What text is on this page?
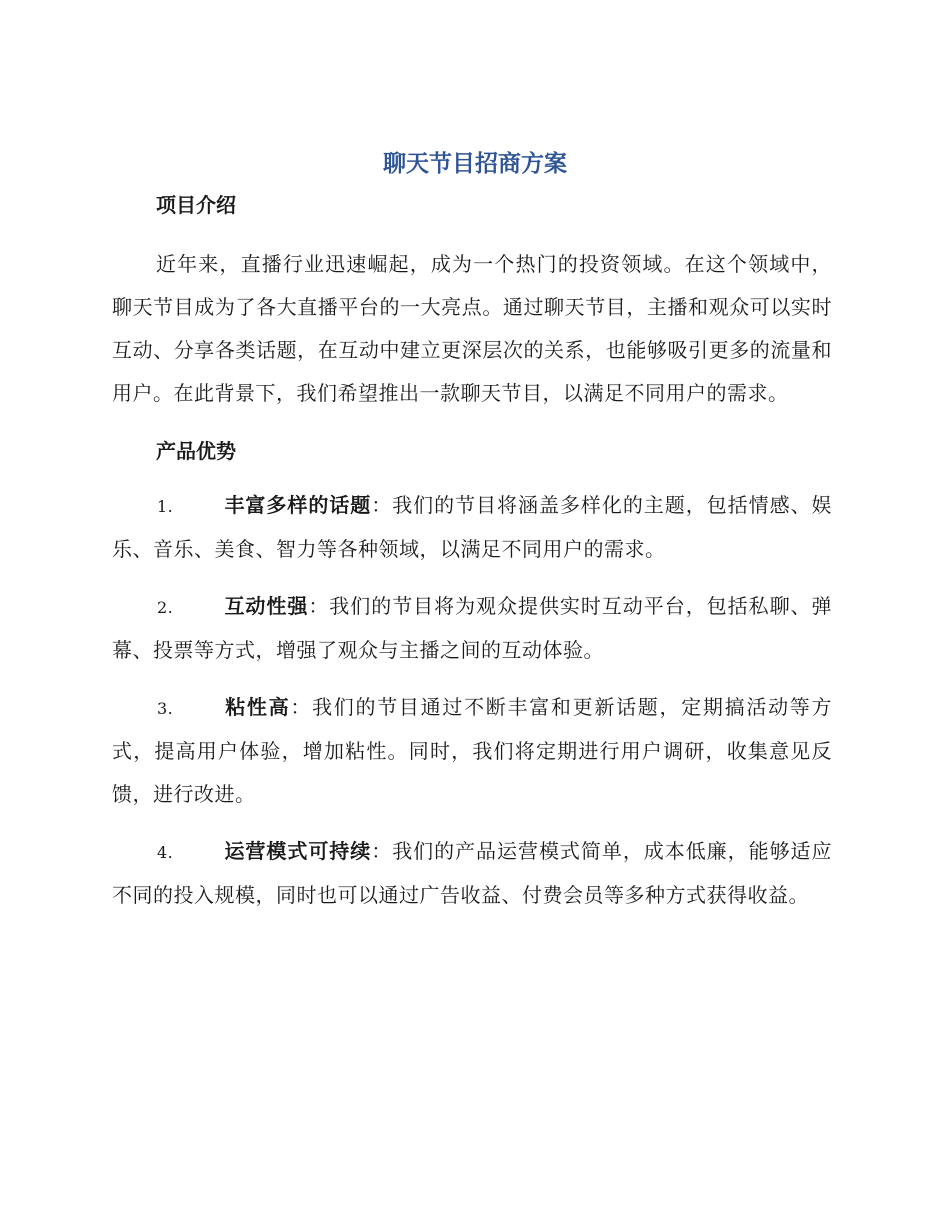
聊天节目招商方案
项目介绍

近年来，直播行业迅速崛起，成为一个热门的投资领域。在这个领域中，聊天节目成为了各大直播平台的一大亮点。通过聊天节目，主播和观众可以实时互动、分享各类话题，在互动中建立更深层次的关系，也能够吸引更多的流量和用户。在此背景下，我们希望推出一款聊天节目，以满足不同用户的需求。

产品优势
1.	丰富多样的话题：我们的节目将涵盖多样化的主题，包括情感、娱乐、音乐、美食、智力等各种领域，以满足不同用户的需求。
2.	互动性强：我们的节目将为观众提供实时互动平台，包括私聊、弹幕、投票等方式，增强了观众与主播之间的互动体验。
3.	粘性高：我们的节目通过不断丰富和更新话题，定期搞活动等方式，提高用户体验，增加粘性。同时，我们将定期进行用户调研，收集意见反馈，进行改进。
4.	运营模式可持续：我们的产品运营模式简单，成本低廉，能够适应不同的投入规模，同时也可以通过广告收益、付费会员等多种方式获得收益。
